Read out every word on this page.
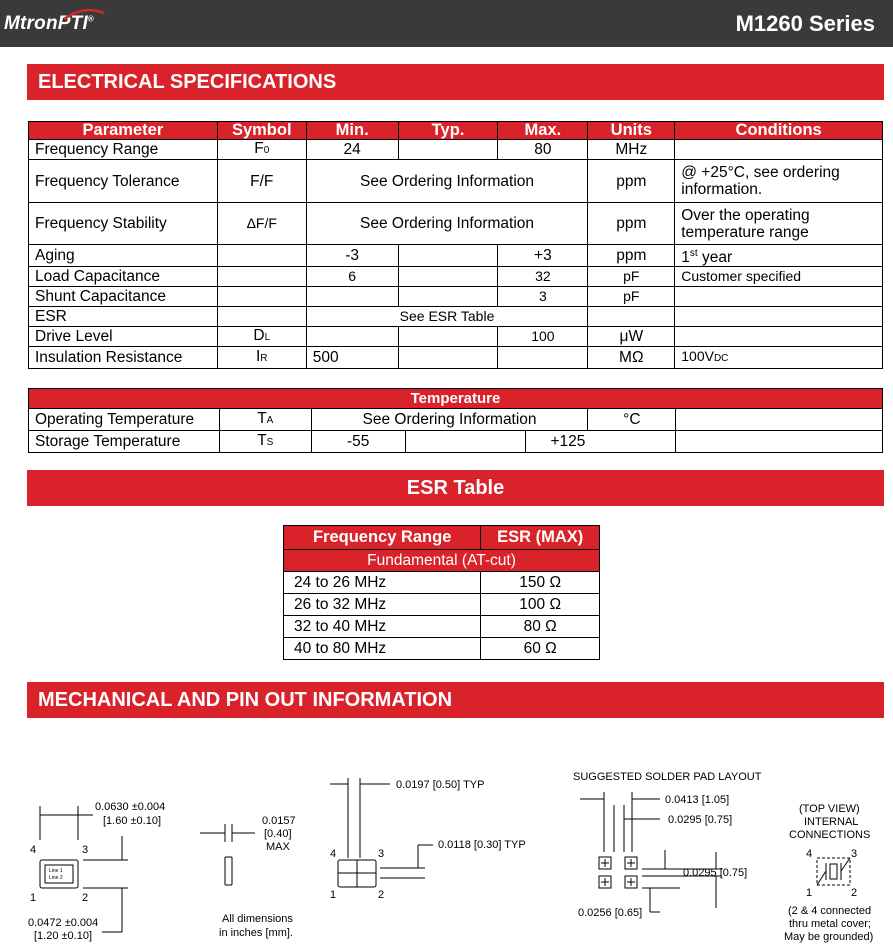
MtronPTI®	M1260 Series
ELECTRICAL SPECIFICATIONS
Parameter	Symbol	Min.	Typ.	Max.	Units	Conditions
Frequency Range	F0	24		80	MHz	
Frequency Tolerance	F/F	See Ordering Information			ppm	@ +25°C, see ordering information.
Frequency Stability	ΔF/F	See Ordering Information			ppm	Over the operating temperature range
Aging		-3		+3	ppm	1st year
Load Capacitance		6		32	pF	Customer specified
Shunt Capacitance				3	pF	
ESR		See ESR Table				
Drive Level	DL			100	μW	
Insulation Resistance	IR	500			MΩ	100VDC
Temperature						
Operating Temperature	TA	See Ordering Information			°C	
Storage Temperature	TS	-55		+125		
ESR Table
Frequency Range	ESR (MAX)
Fundamental (AT-cut)	
24 to 26 MHz	150 Ω
26 to 32 MHz	100 Ω
32 to 40 MHz	80 Ω
40 to 80 MHz	60 Ω
MECHANICAL AND PIN OUT INFORMATION
0.0630 ±0.004
[1.60 ±0.10]
Line 1
Line 2
4	3
1	2
0.0472 ±0.004
[1.20 ±0.10]
0.0157
[0.40]
MAX
All dimensions
in inches [mm].
0.0197 [0.50] TYP
0.0118 [0.30] TYP
4	3
1	2
SUGGESTED SOLDER PAD LAYOUT
0.0413 [1.05]
0.0295 [0.75]
0.0295 [0.75]
0.0256 [0.65]
(TOP VIEW)
INTERNAL
CONNECTIONS
4	3
1	2
(2 & 4 connected
thru metal cover;
May be grounded)
